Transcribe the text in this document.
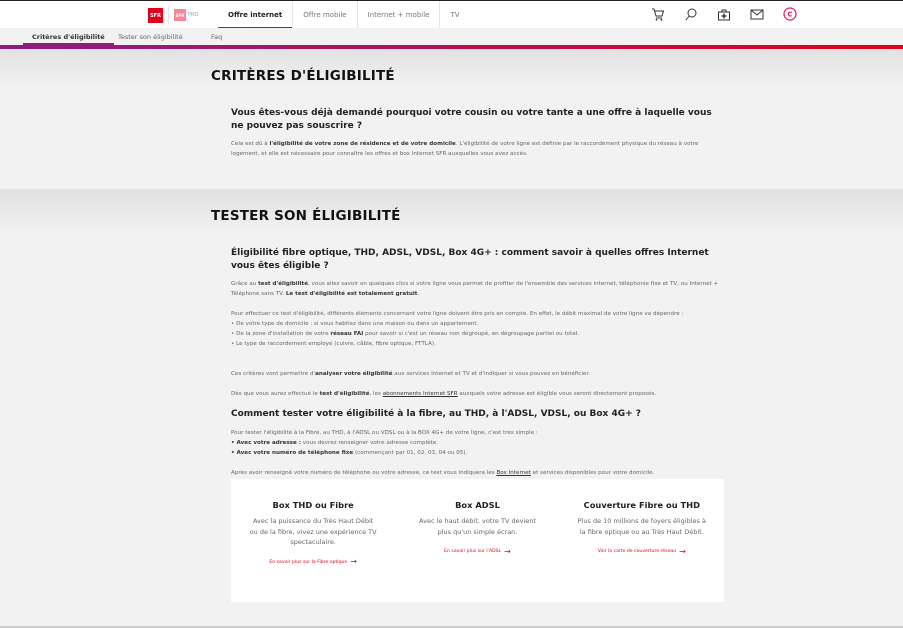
SFR	SFR PRO	Offre internet	Offre mobile	Internet + mobile	TV	C
Critères d'éligibilité Tester son éligibilité	Faq
CRITÈRES D'ÉLIGIBILITÉ
Vous êtes-vous déjà demandé pourquoi votre cousin ou votre tante a une offre à laquelle vous ne pouvez pas souscrire ?

Cela est dû à l'éligibilité de votre zone de résidence et de votre domicile. L'éligibilité de votre ligne est définie par le raccordement physique du réseau à votre logement, et elle est nécessaire pour connaître les offres et box Internet SFR auxquelles vous avez accès.

TESTER SON ÉLIGIBILITÉ
Éligibilité fibre optique, THD, ADSL, VDSL, Box 4G+ : comment savoir à quelles offres Internet vous êtes éligible ?

Grâce au test d'éligibilité, vous allez savoir en quelques clics si votre ligne vous permet de profiter de l'ensemble des services internet, téléphonie fixe et TV, ou Internet + Téléphone sans TV. Le test d'éligibilité est totalement gratuit.

Pour effectuer ce test d'éligibilité, différents éléments concernant votre ligne doivent être pris en compte. En effet, le débit maximal de votre ligne va dépendre :
• De votre type de domicile : si vous habitez dans une maison ou dans un appartement.
• De la zone d'installation de votre réseau FAI pour savoir si c'est un réseau non dégroupé, en dégroupage partiel ou total.
• Le type de raccordement employé (cuivre, câble, fibre optique, FTTLA).

Ces critères vont permettre d'analyser votre éligibilité aux services Internet et TV et d'indiquer si vous pouvez en bénéficier.

Dès que vous aurez effectué le test d'éligibilité, les abonnements Internet SFR auxquels votre adresse est éligible vous seront directement proposés.

Comment tester votre éligibilité à la fibre, au THD, à l'ADSL, VDSL, ou Box 4G+ ?
Pour tester l'éligibilité à la Fibre, au THD, à l'ADSL ou VDSL ou à la BOX 4G+ de votre ligne, c'est très simple :
• Avec votre adresse : vous devrez renseigner votre adresse complète.
• Avec votre numéro de téléphone fixe (commençant par 01, 02, 03, 04 ou 05).

Après avoir renseigné votre numéro de téléphone ou votre adresse, ce test vous indiquera les Box Internet et services disponibles pour votre domicile.

Box THD ou Fibre
Avec la puissance du Très Haut Débit ou de la fibre, vivez une expérience TV spectaculaire.
En savoir plus sur la Fibre optique →
Box ADSL
Avec le haut débit, votre TV devient plus qu'un simple écran.
En savoir plus sur l'ADSL →
Couverture Fibre ou THD
Plus de 10 millions de foyers éligibles à la fibre optique ou au Très Haut Débit.
Voir la carte de couverture réseau →
